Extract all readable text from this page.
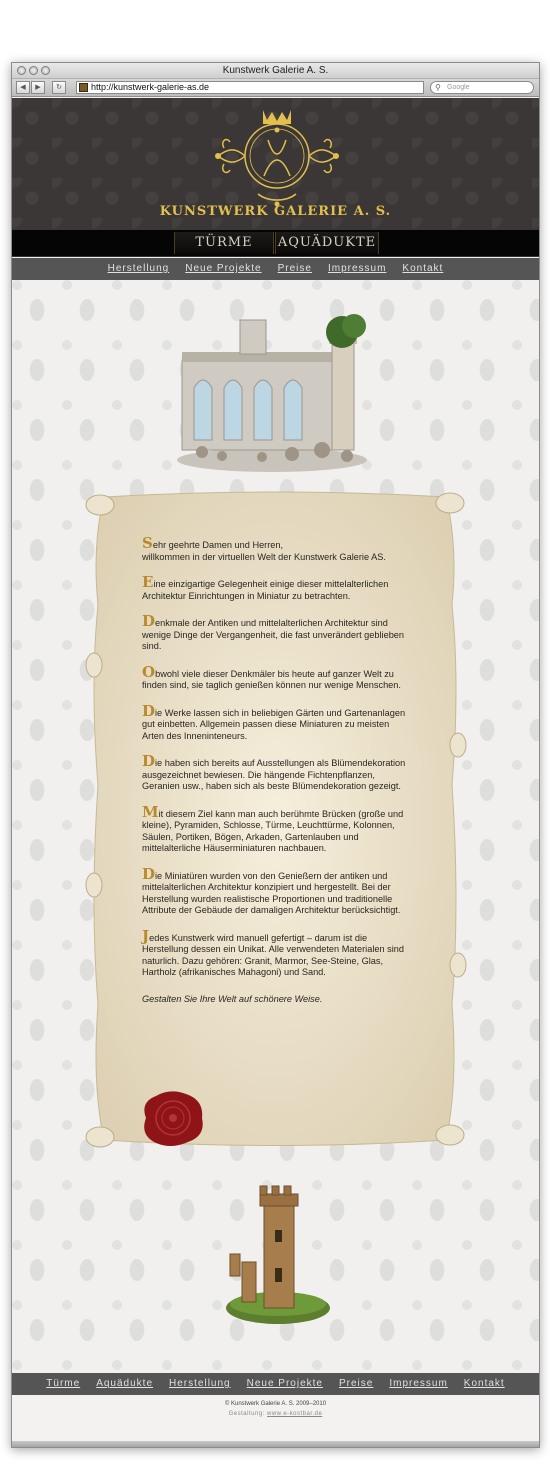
Kunstwerk Galerie A. S.
◀	▶	↻	http://kunstwerk-galerie-as.de	⚲ Google
KUNSTWERK GALERIE A. S.
TÜRME	AQUÄDUKTE
Herstellung Neue Projekte Preise Impressum Kontakt

Sehr geehrte Damen und Herren,
willkommen in der virtuellen Welt der Kunstwerk Galerie AS.

Eine einzigartige Gelegenheit einige dieser mittelalterlichen Architektur Einrichtungen in Miniatur zu betrachten.

Denkmale der Antiken und mittelalterlichen Architektur sind wenige Dinge der Vergangenheit, die fast unverändert geblieben sind.

Obwohl viele dieser Denkmäler bis heute auf ganzer Welt zu finden sind, sie taglich genießen können nur wenige Menschen.

Die Werke lassen sich in beliebigen Gärten und Gartenanlagen gut einbetten. Allgemein passen diese Miniaturen zu meisten Arten des Inneninteneurs.

Die haben sich bereits auf Ausstellungen als Blümendekoration ausgezeichnet bewiesen. Die hängende Fichtenpflanzen, Geranien usw., haben sich als beste Blümendekoration gezeigt.

Mit diesem Ziel kann man auch berühmte Brücken (große und kleine), Pyramiden, Schlosse, Türme, Leuchttürme, Kolonnen, Säulen, Portiken, Bögen, Arkaden, Gartenlauben und mittelalterliche Häuserminiaturen nachbauen.

Die Miniatüren wurden von den Genießern der antiken und mittelalterlichen Architektur konzipiert und hergestellt. Bei der Herstellung wurden realistische Proportionen und traditionelle Attribute der Gebäude der damaligen Architektur berücksichtigt.

Jedes Kunstwerk wird manuell gefertigt – darum ist die Herstellung dessen ein Unikat. Alle verwendeten Materialen sind naturlich. Dazu gehören: Granit, Marmor, See-Steine, Glas, Hartholz (afrikanisches Mahagoni) und Sand.

Gestalten Sie Ihre Welt auf schönere Weise.

Türme Aquädukte Herstellung Neue Projekte Preise Impressum Kontakt
© Kunstwerk Galerie A. S. 2009–2010
Gestaltung: www.e-kostbar.de
